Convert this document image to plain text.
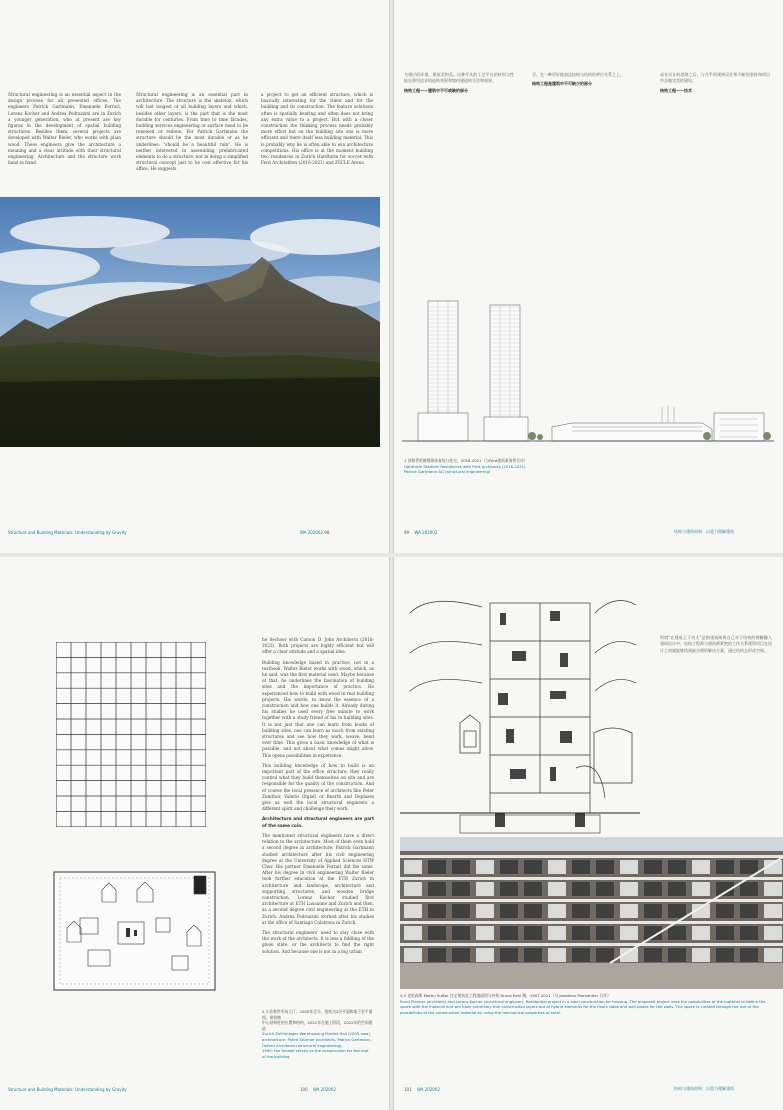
Structural engineering is an essential aspect in the design process for all presented offices. The engineers Patrick Gartmann, Emanuele Ferrari, Lorenz Kocher and Andrea Pedrazzini are in Zurich a younger generation, who at present are key figures in the development of spatial building structures. Besides them, several projects are developed with Walter Bieler, who works with plain wood. These engineers give the architecture a meaning and a clear attitude with their structural engineering. Architecture and the structure work hand in hand.

Structural engineering is an essential part in architecture. The structure is the skeleton, which will last longest of all building layers and which, besides other layers, is the part that is the most durable for centuries. From time to time facades, building services engineering or surface need to be renewed or redone. For Patrick Gartmann the structure should be the most durable or as he underlines: "should be a beautiful ruin". He is neither interested in assembling prefabricated elements to do a structure, nor in doing a simplified structural concept just to be cost effective for his office. He suggests

a project to get an efficient structure, which is basically interesting for the client and for the building and its construction. The feature solutions often is spatially bearing and often does not bring any extra value to a project. But with a closer construction the thinking process needs probably more effort but on the building site one is more efficient and there itself less building material. This is probably why he is often able to win architecture competitions. His office is at the moment building two residences in Zurich Hardturm for soccer with Ferd Architekten (2016-2021) and ZSCLE Arena

Structure and Building Materials: Understanding by Gravity	WA 202002 98
为相应的环境、建筑美和美。这种平凡的工艺平凡的材料与性能在那里追求构造的效果和如何建造的方法和效果。
结构工程——建筑中不可或缺的部分
学。在一种更好地表达结构与结构的呼应关系之上。
结构工程是建筑中不可缺少的部分
成在设计的思路之后，与合乎所规则设计和不断的坚持和项目中去做完美的建设。
结构工程——技术
1 苏黎世哈德图姆体育场与住宅，2016-2021（与Ferd建筑事务所合作）
Hardturm Stadium Residences with Ferd Architects (2016-2021)
Patrick Gartmann AG (structural engineering)
99 WA 202002	结构与建筑材料：以重力理解建筑

he Sechser with Carson D. John Architects (2018-2022). Both projects are highly efficient but will offer a clear attitude and a spatial idea.

Building knowledge based in practice, not in a textbook. Walter Bieler works with wood, which, as he said, was the first material used. Maybe because of that, he underlines the fascination of building sites and the importance of practice. He experienced how to build with wood in real building projects. His words: to know the essence of a construction and how one builds it. Already during his studies he used every free minute to work together with a study friend of his in building sites. It is not just that one can learn from books of building sites, one can learn as much from existing structures and see how they work, weave, bend over time. This gives a basic knowledge of what is possible, and not about what comes might allow. This opens possibilities in experience.

This building knowledge of how to build is an important part of the office structure, they really control what they build themselves on site and are responsible for the quality of the construction. And of course the local presence of architects like Peter Zumthor, Valerio Olgiati or Bearth and Deplazes give as well the local structural engineers a different spirit and challenge their work.

Architecture and structural engineers are part of the same coin.

The mentioned structural engineers have a direct relation to the architecture. Most of them even hold a second degree in architecture. Patrick Gartmann studied architecture after his civil engineering degree at the University of Applied Sciences HTW Chur. His partner Emanuele Ferrari did the same. After his degree in civil engineering Walter Bieler took further education at the ETH Zurich in architecture and landscape, architecture and supporting structures, and wooden bridge construction. Lorenz Kocher studied first architecture at ETH Lausanne and Zurich and then, as a second degree civil engineering at the ETH in Zurich. Andrea Pedrazzini worked after his studies at the office of Santiago Calatrava in Zurich.

The structural engineers' need to stay close with the work of the architects. It is less a fiddling of the given state, or the architects to find the right solution. And because one is not in a big urban

2,3 苏黎世市场大厅，2005年至今，图纸为2层平面和地下室平面图，建筑物
中心结构柱的位置和结构，2021年在施工阶段，2022年的空间建造
Zurich Zollfreilager Warehousing Market Hall (2005-now),
architecture: Pahre Stürmer Architects, Patrick Gartmann,
Oxford Architects (structural engineering),
1990: the facade serves as the construction for the roof
of the building
Structure and Building Materials: Understanding by Gravity	100 WA 202002
所谓“在建筑上下功夫”是指建筑师将自己对于结构的理解融入建筑设计中。结构工程师与建筑师紧密的工作关系使得项目在设计之初就能够找到最合理的解决方案，通过结构去形成空间。
4,5 克里森斯 Martin Sutter 住宅建筑及工程剖面图与外景 Bruno Kehl 摄，1907-2021（与 Jonathan Parmentier 合作）
Rural Planner (architect) and Lorenz Kocher (structural engineer): Residential project in a steel construction for housing. The proposed project uses the possibilities of the material to define the space with the material and will have extremely thin construction layers out of hybrid elements for the floors slabs and wall plates for the walls. The space is created through the use of the possibilities of the construction material by using the mechanical properties of steel.
101 WA 202002	结构与建筑材料：以重力理解建筑
